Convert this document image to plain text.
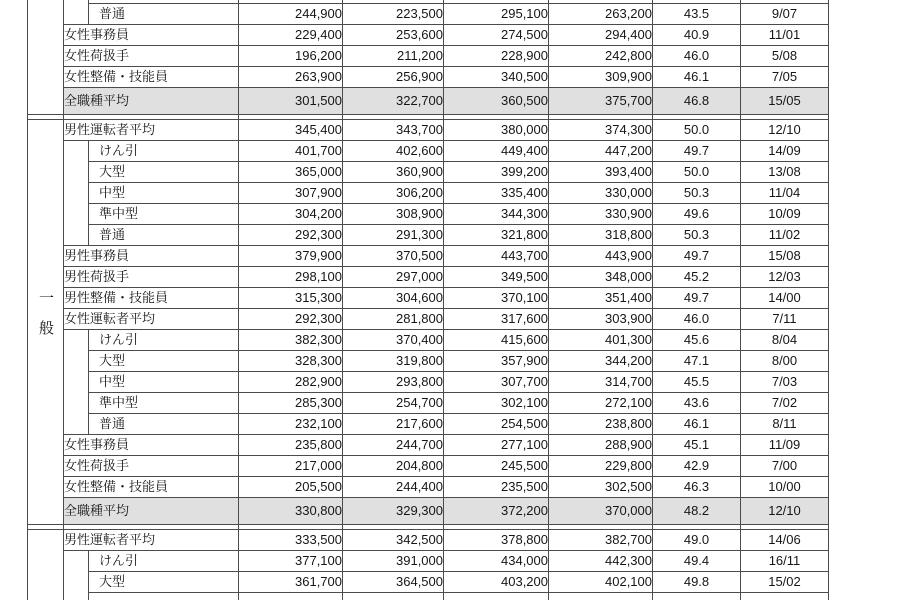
		普通	244,900	223,500	295,100	263,200	43.5	9/07
	女性事務員		229,400	253,600	274,500	294,400	40.9	11/01
	女性荷扱手		196,200	211,200	228,900	242,800	46.0	5/08
	女性整備・技能員		263,900	256,900	340,500	309,900	46.1	7/05
	全職種平均		301,500	322,700	360,500	375,700	46.8	15/05

一般	男性運転者平均		345,400	343,700	380,000	374,300	50.0	12/10
		けん引	401,700	402,600	449,400	447,200	49.7	14/09
		大型	365,000	360,900	399,200	393,400	50.0	13/08
		中型	307,900	306,200	335,400	330,000	50.3	11/04
		準中型	304,200	308,900	344,300	330,900	49.6	10/09
		普通	292,300	291,300	321,800	318,800	50.3	11/02
	男性事務員		379,900	370,500	443,700	443,900	49.7	15/08
	男性荷扱手		298,100	297,000	349,500	348,000	45.2	12/03
	男性整備・技能員		315,300	304,600	370,100	351,400	49.7	14/00
	女性運転者平均		292,300	281,800	317,600	303,900	46.0	7/11
		けん引	382,300	370,400	415,600	401,300	45.6	8/04
		大型	328,300	319,800	357,900	344,200	47.1	8/00
		中型	282,900	293,800	307,700	314,700	45.5	7/03
		準中型	285,300	254,700	302,100	272,100	43.6	7/02
		普通	232,100	217,600	254,500	238,800	46.1	8/11
	女性事務員		235,800	244,700	277,100	288,900	45.1	11/09
	女性荷扱手		217,000	204,800	245,500	229,800	42.9	7/00
	女性整備・技能員		205,500	244,400	235,500	302,500	46.3	10/00
	全職種平均		330,800	329,300	372,200	370,000	48.2	12/10

	男性運転者平均		333,500	342,500	378,800	382,700	49.0	14/06
		けん引	377,100	391,000	434,000	442,300	49.4	16/11
		大型	361,700	364,500	403,200	402,100	49.8	15/02
